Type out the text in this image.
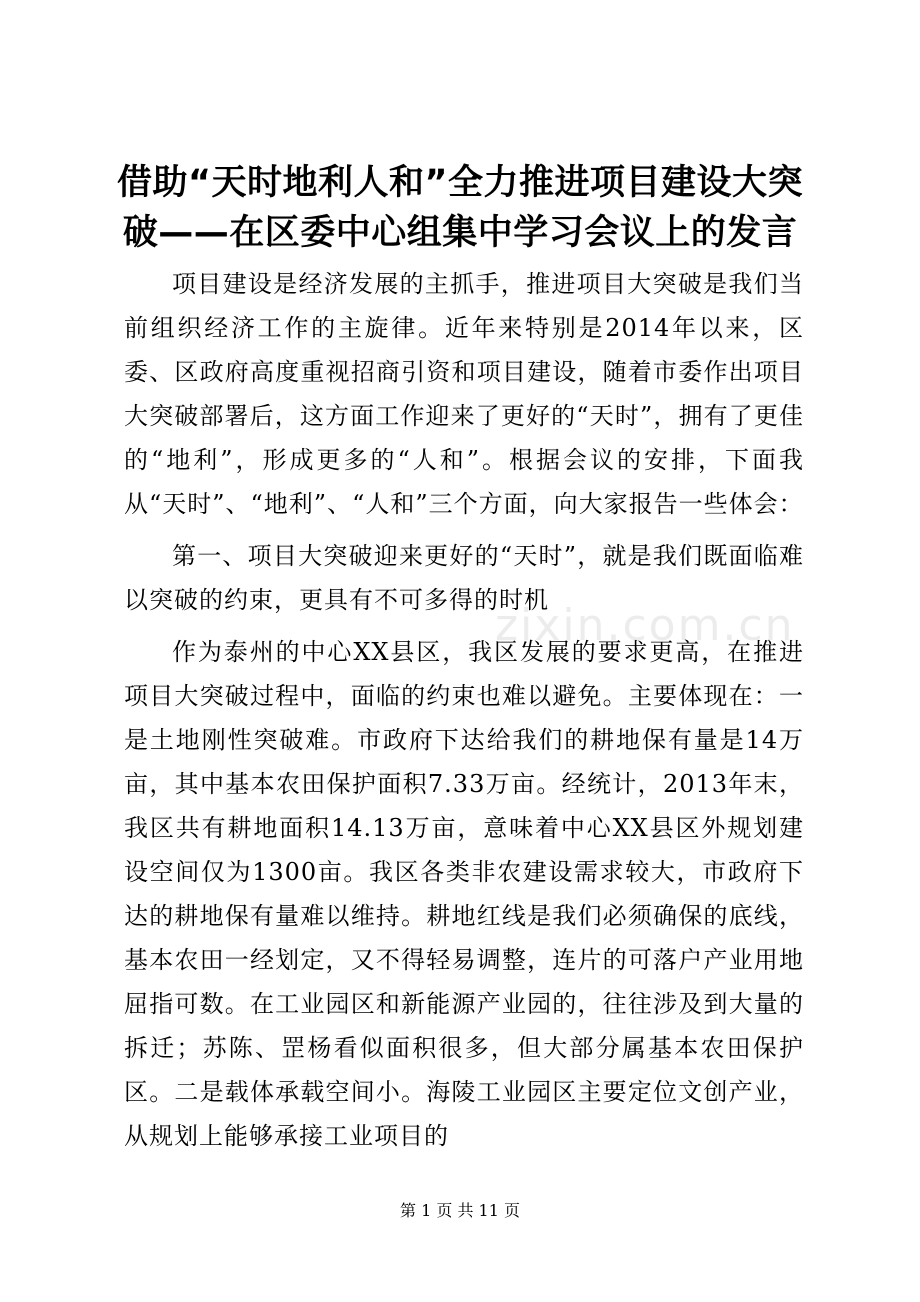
借助“天时地利人和”全力推进项目建设大突破——在区委中心组集中学习会议上的发言

项目建设是经济发展的主抓手，推进项目大突破是我们当前组织经济工作的主旋律。近年来特别是2014年以来，区委、区政府高度重视招商引资和项目建设，随着市委作出项目大突破部署后，这方面工作迎来了更好的“天时”，拥有了更佳的“地利”，形成更多的“人和”。根据会议的安排，下面我从“天时”、“地利”、“人和”三个方面，向大家报告一些体会：

第一、项目大突破迎来更好的“天时”，就是我们既面临难以突破的约束，更具有不可多得的时机

作为泰州的中心XX县区，我区发展的要求更高，在推进项目大突破过程中，面临的约束也难以避免。主要体现在：一是土地刚性突破难。市政府下达给我们的耕地保有量是14万亩，其中基本农田保护面积7.33万亩。经统计，2013年末，我区共有耕地面积14.13万亩，意味着中心XX县区外规划建设空间仅为1300亩。我区各类非农建设需求较大，市政府下达的耕地保有量难以维持。耕地红线是我们必须确保的底线，基本农田一经划定，又不得轻易调整，连片的可落户产业用地屈指可数。在工业园区和新能源产业园的，往往涉及到大量的拆迁；苏陈、罡杨看似面积很多，但大部分属基本农田保护区。二是载体承载空间小。海陵工业园区主要定位文创产业，从规划上能够承接工业项目的

zixin.com.cn
第 1 页 共 11 页
